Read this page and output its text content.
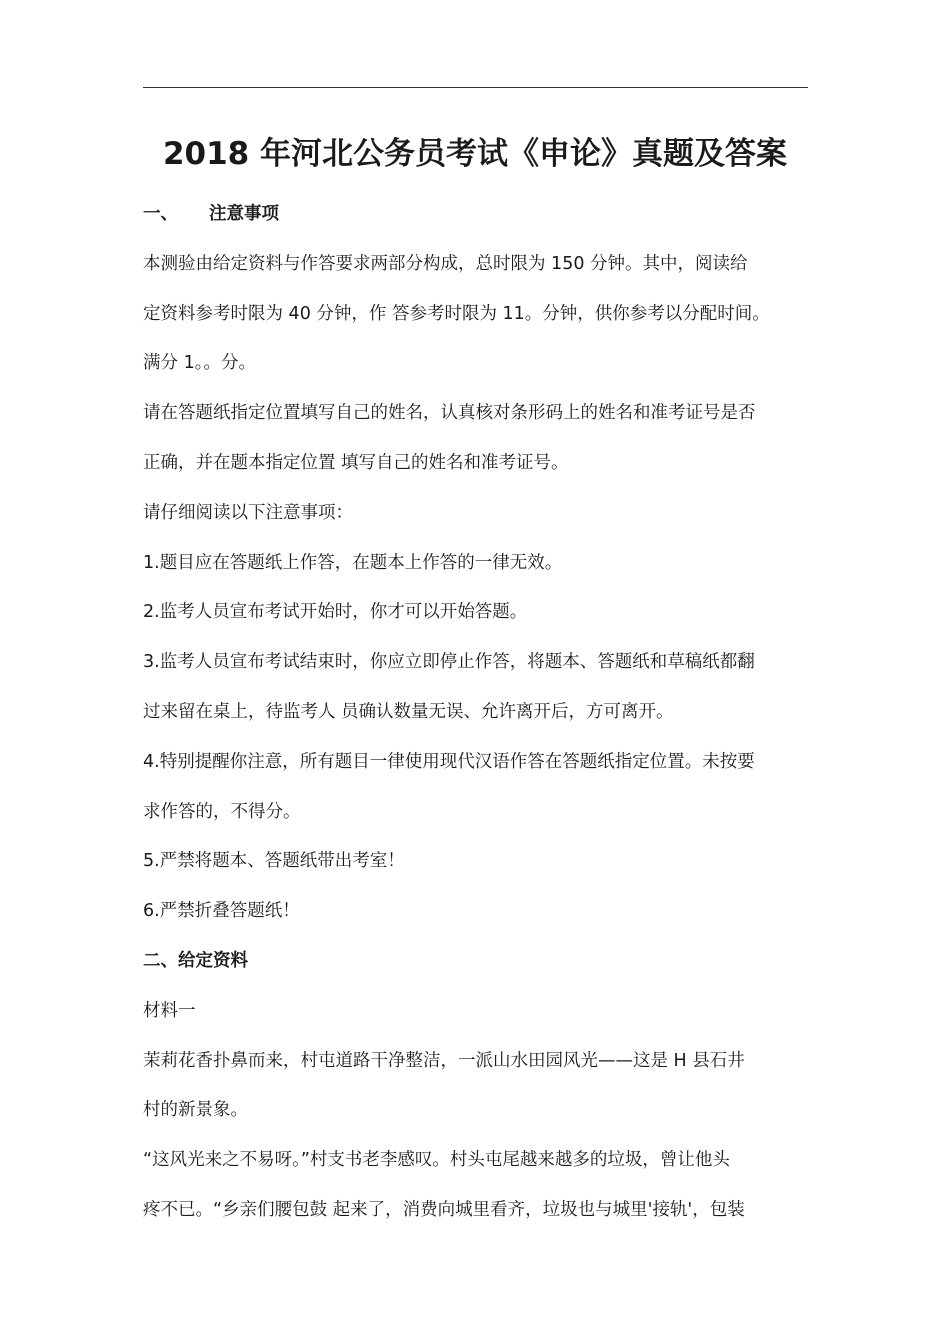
2018 年河北公务员考试《申论》真题及答案
一、 注意事项
本测验由给定资料与作答要求两部分构成，总时限为 150 分钟。其中，阅读给
定资料参考时限为 40 分钟，作 答参考时限为 11。分钟，供你参考以分配时间。
满分 1。。分。
请在答题纸指定位置填写自己的姓名，认真核对条形码上的姓名和准考证号是否
正确，并在题本指定位置 填写自己的姓名和准考证号。
请仔细阅读以下注意事项：
1.题目应在答题纸上作答，在题本上作答的一律无效。
2.监考人员宣布考试开始时，你才可以开始答题。
3.监考人员宣布考试结束时，你应立即停止作答，将题本、答题纸和草稿纸都翻
过来留在桌上，待监考人 员确认数量无误、允许离开后，方可离开。
4.特别提醒你注意，所有题目一律使用现代汉语作答在答题纸指定位置。未按要
求作答的，不得分。
5.严禁将题本、答题纸带出考室！
6.严禁折叠答题纸！
二、给定资料
材料一
茉莉花香扑鼻而来，村屯道路干净整洁，一派山水田园风光——这是 H 县石井
村的新景象。
“这风光来之不易呀。”村支书老李感叹。村头屯尾越来越多的垃圾，曾让他头
疼不已。“乡亲们腰包鼓 起来了，消费向城里看齐，垃圾也与城里'接轨'，包装
